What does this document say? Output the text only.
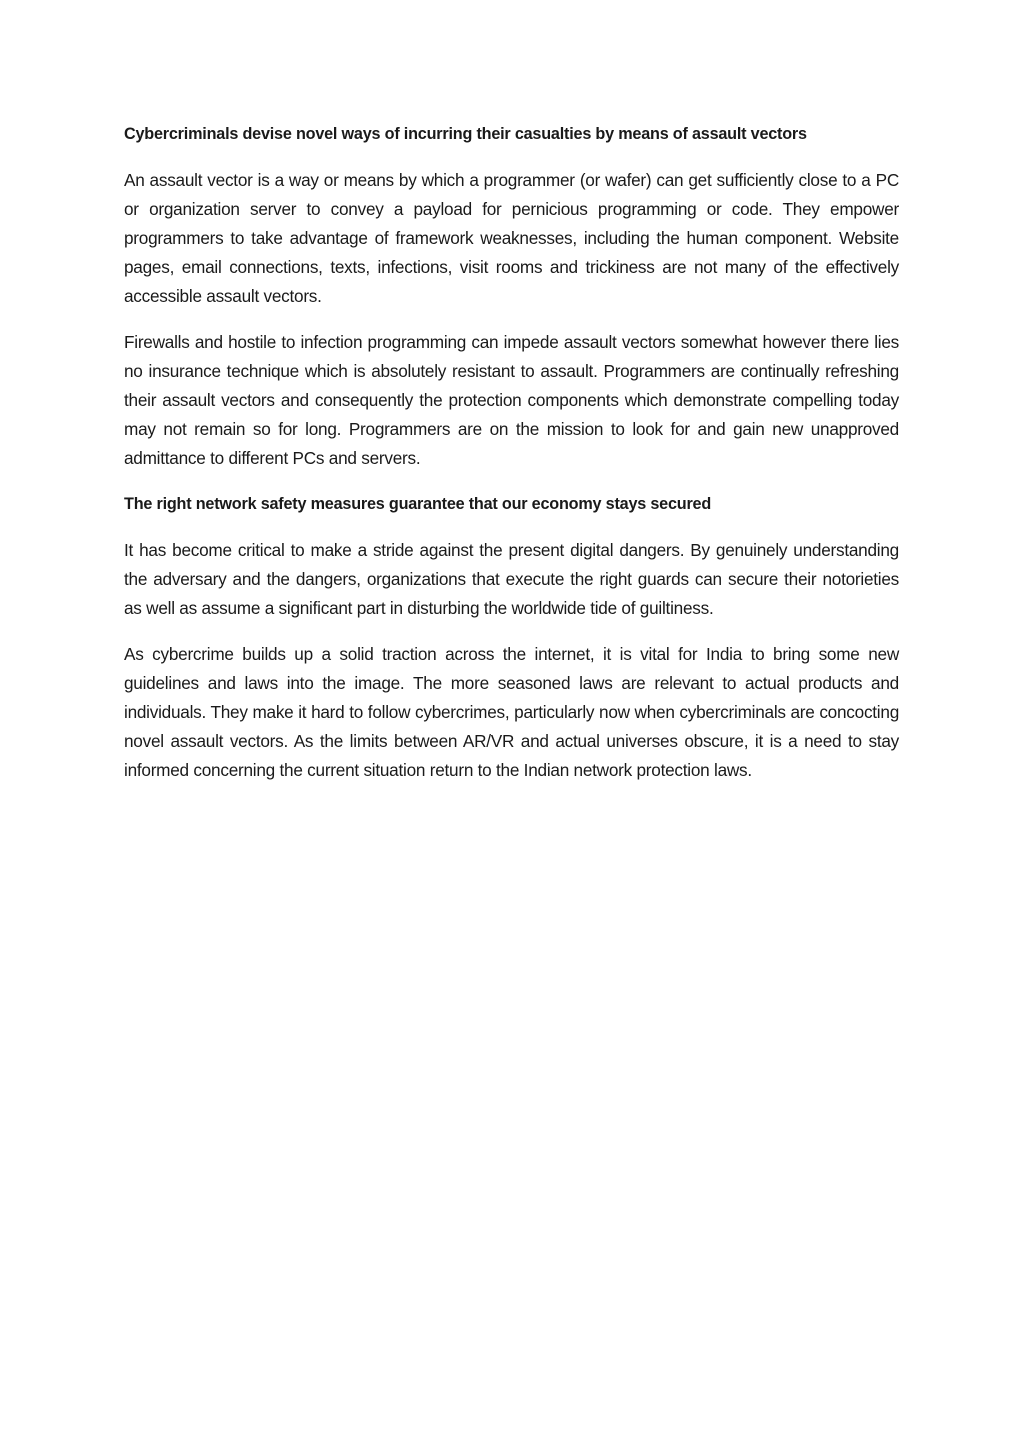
Cybercriminals devise novel ways of incurring their casualties by means of assault vectors

An assault vector is a way or means by which a programmer (or wafer) can get sufficiently close to a PC or organization server to convey a payload for pernicious programming or code. They empower programmers to take advantage of framework weaknesses, including the human component. Website pages, email connections, texts, infections, visit rooms and trickiness are not many of the effectively accessible assault vectors.

Firewalls and hostile to infection programming can impede assault vectors somewhat however there lies no insurance technique which is absolutely resistant to assault. Programmers are continually refreshing their assault vectors and consequently the protection components which demonstrate compelling today may not remain so for long. Programmers are on the mission to look for and gain new unapproved admittance to different PCs and servers.

The right network safety measures guarantee that our economy stays secured

It has become critical to make a stride against the present digital dangers. By genuinely understanding the adversary and the dangers, organizations that execute the right guards can secure their notorieties as well as assume a significant part in disturbing the worldwide tide of guiltiness.

As cybercrime builds up a solid traction across the internet, it is vital for India to bring some new guidelines and laws into the image. The more seasoned laws are relevant to actual products and individuals. They make it hard to follow cybercrimes, particularly now when cybercriminals are concocting novel assault vectors. As the limits between AR/VR and actual universes obscure, it is a need to stay informed concerning the current situation return to the Indian network protection laws.
